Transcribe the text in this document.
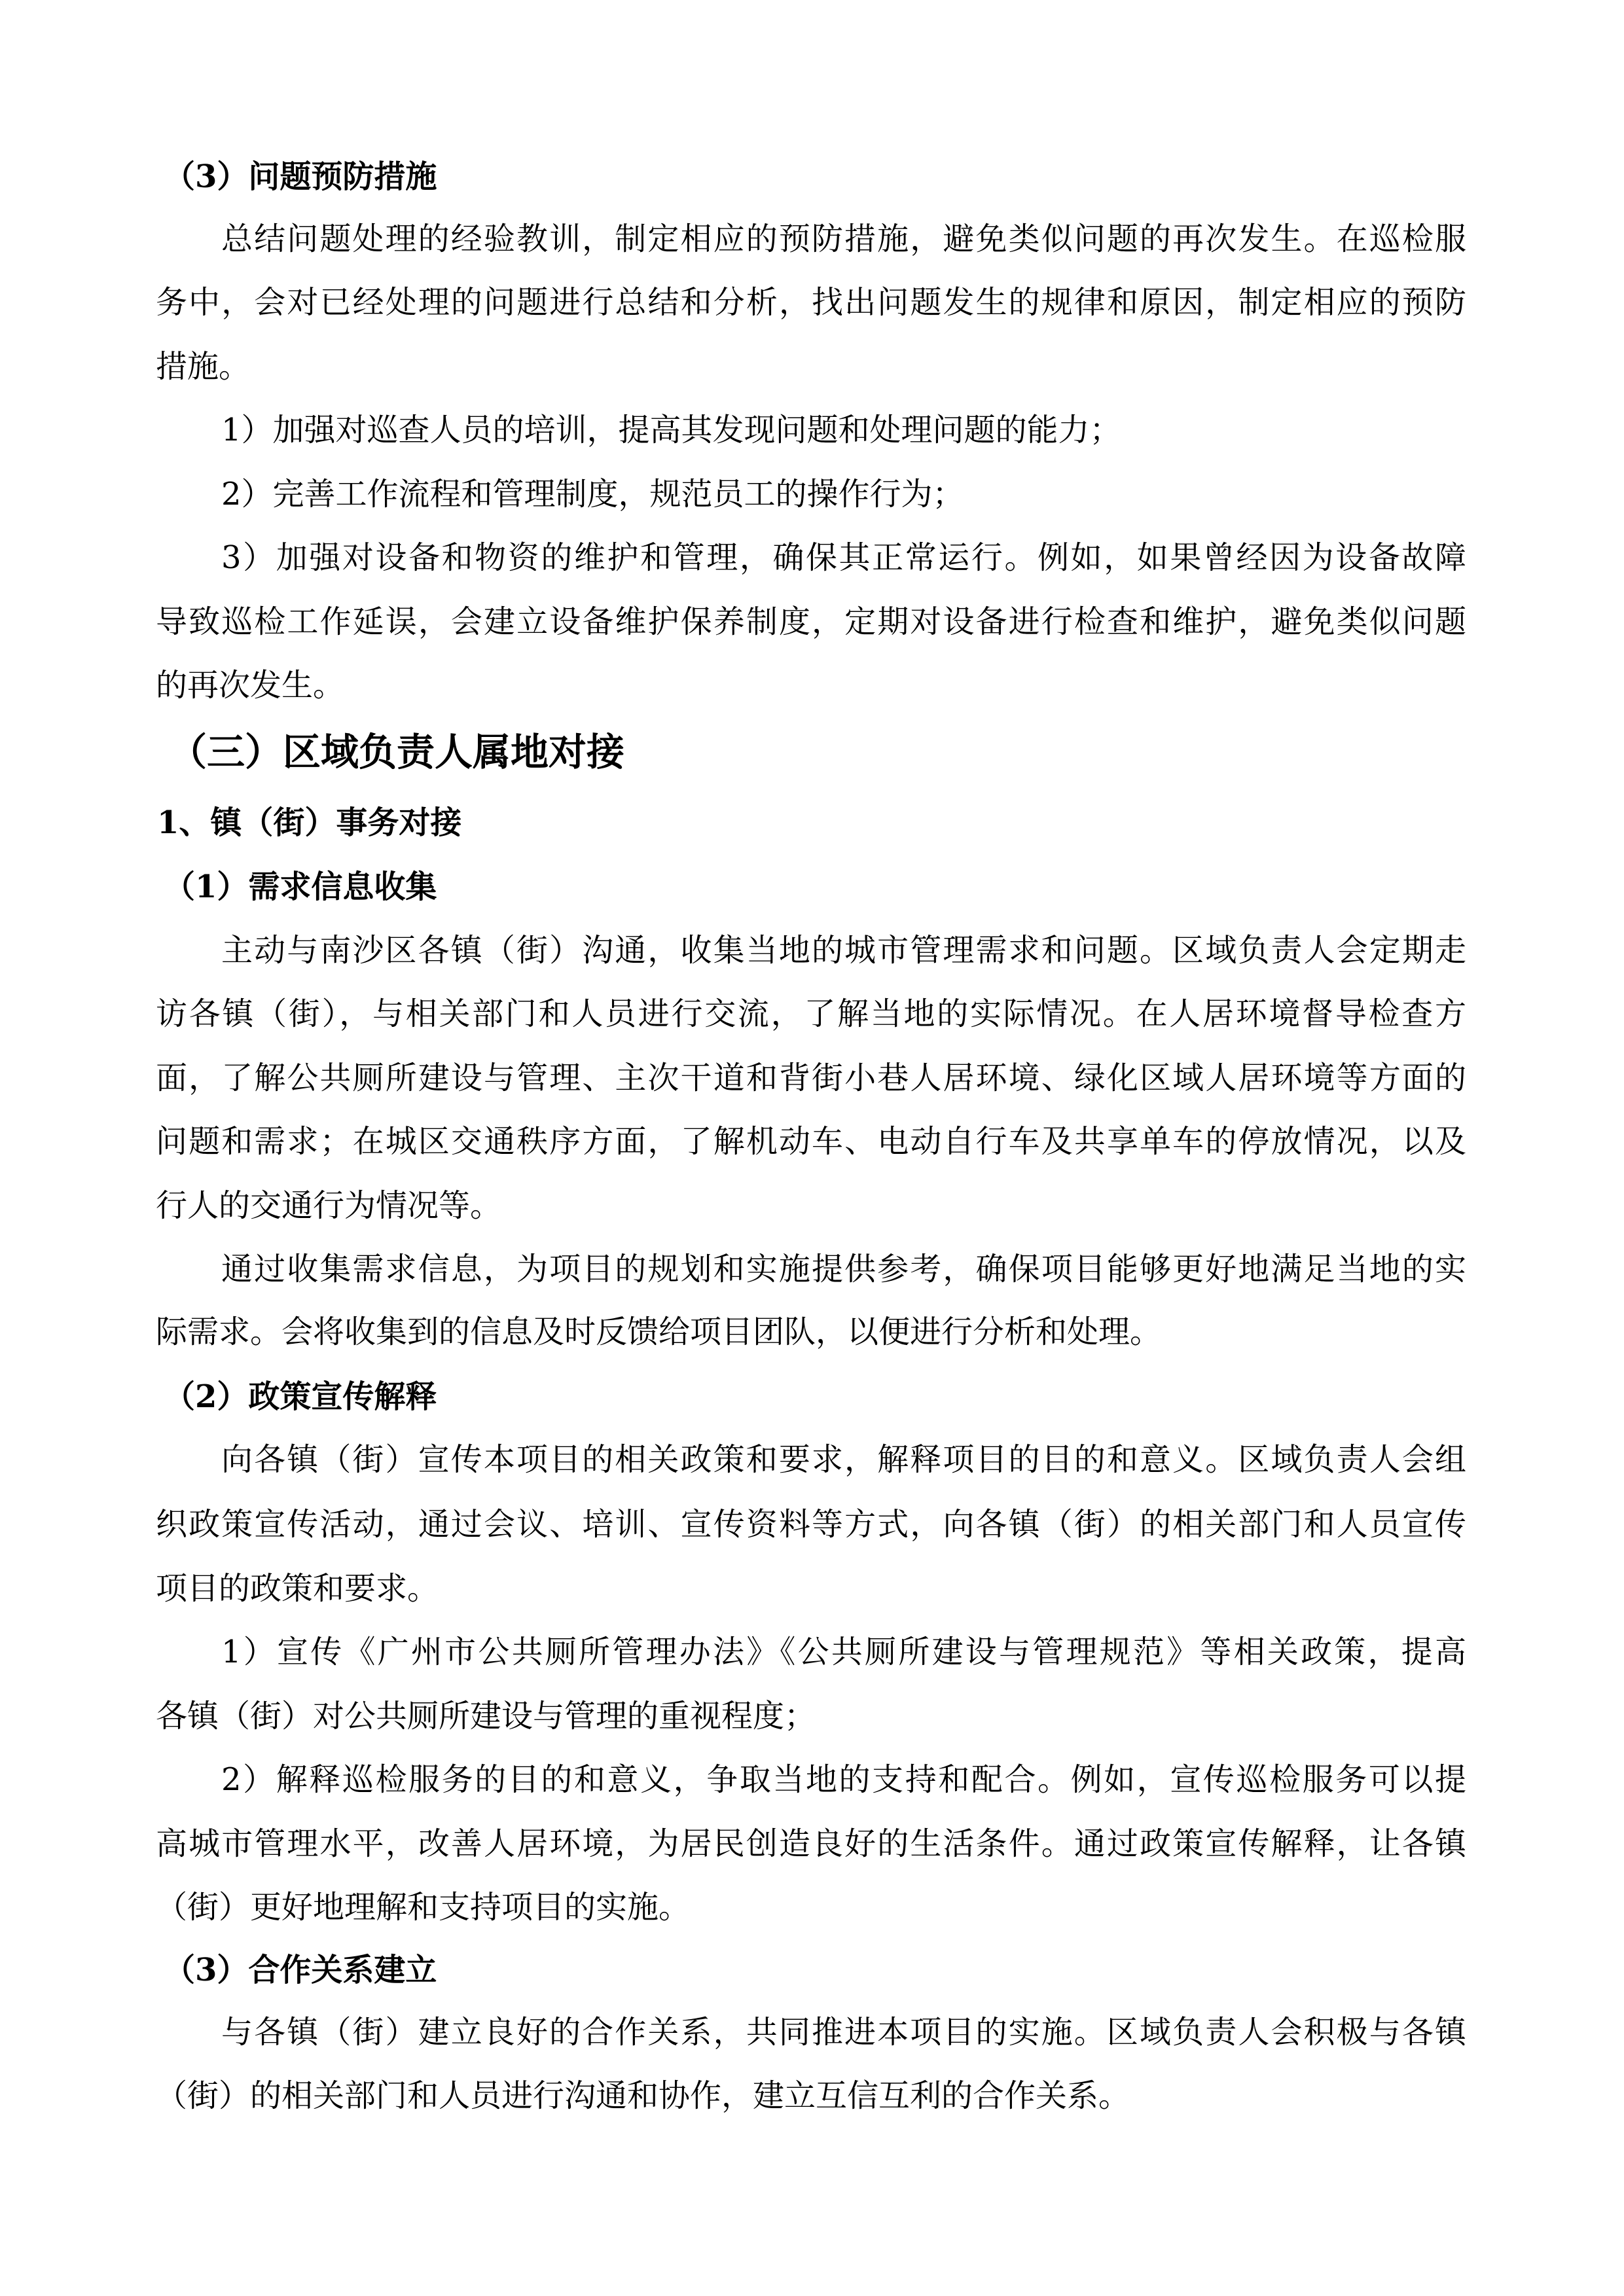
（3）问题预防措施
总结问题处理的经验教训，制定相应的预防措施，避免类似问题的再次发生。在巡检服
务中，会对已经处理的问题进行总结和分析，找出问题发生的规律和原因，制定相应的预防
措施。
1）加强对巡查人员的培训，提高其发现问题和处理问题的能力；
2）完善工作流程和管理制度，规范员工的操作行为；
3）加强对设备和物资的维护和管理，确保其正常运行。例如，如果曾经因为设备故障
导致巡检工作延误，会建立设备维护保养制度，定期对设备进行检查和维护，避免类似问题
的再次发生。
（三）区域负责人属地对接
1、镇（街）事务对接
（1）需求信息收集
主动与南沙区各镇（街）沟通，收集当地的城市管理需求和问题。区域负责人会定期走
访各镇（街），与相关部门和人员进行交流，了解当地的实际情况。在人居环境督导检查方
面，了解公共厕所建设与管理、主次干道和背街小巷人居环境、绿化区域人居环境等方面的
问题和需求；在城区交通秩序方面，了解机动车、电动自行车及共享单车的停放情况，以及
行人的交通行为情况等。
通过收集需求信息，为项目的规划和实施提供参考，确保项目能够更好地满足当地的实
际需求。会将收集到的信息及时反馈给项目团队，以便进行分析和处理。
（2）政策宣传解释
向各镇（街）宣传本项目的相关政策和要求，解释项目的目的和意义。区域负责人会组
织政策宣传活动，通过会议、培训、宣传资料等方式，向各镇（街）的相关部门和人员宣传
项目的政策和要求。
1）宣传《广州市公共厕所管理办法》《公共厕所建设与管理规范》等相关政策，提高
各镇（街）对公共厕所建设与管理的重视程度；
2）解释巡检服务的目的和意义，争取当地的支持和配合。例如，宣传巡检服务可以提
高城市管理水平，改善人居环境，为居民创造良好的生活条件。通过政策宣传解释，让各镇
（街）更好地理解和支持项目的实施。
（3）合作关系建立
与各镇（街）建立良好的合作关系，共同推进本项目的实施。区域负责人会积极与各镇
（街）的相关部门和人员进行沟通和协作，建立互信互利的合作关系。
